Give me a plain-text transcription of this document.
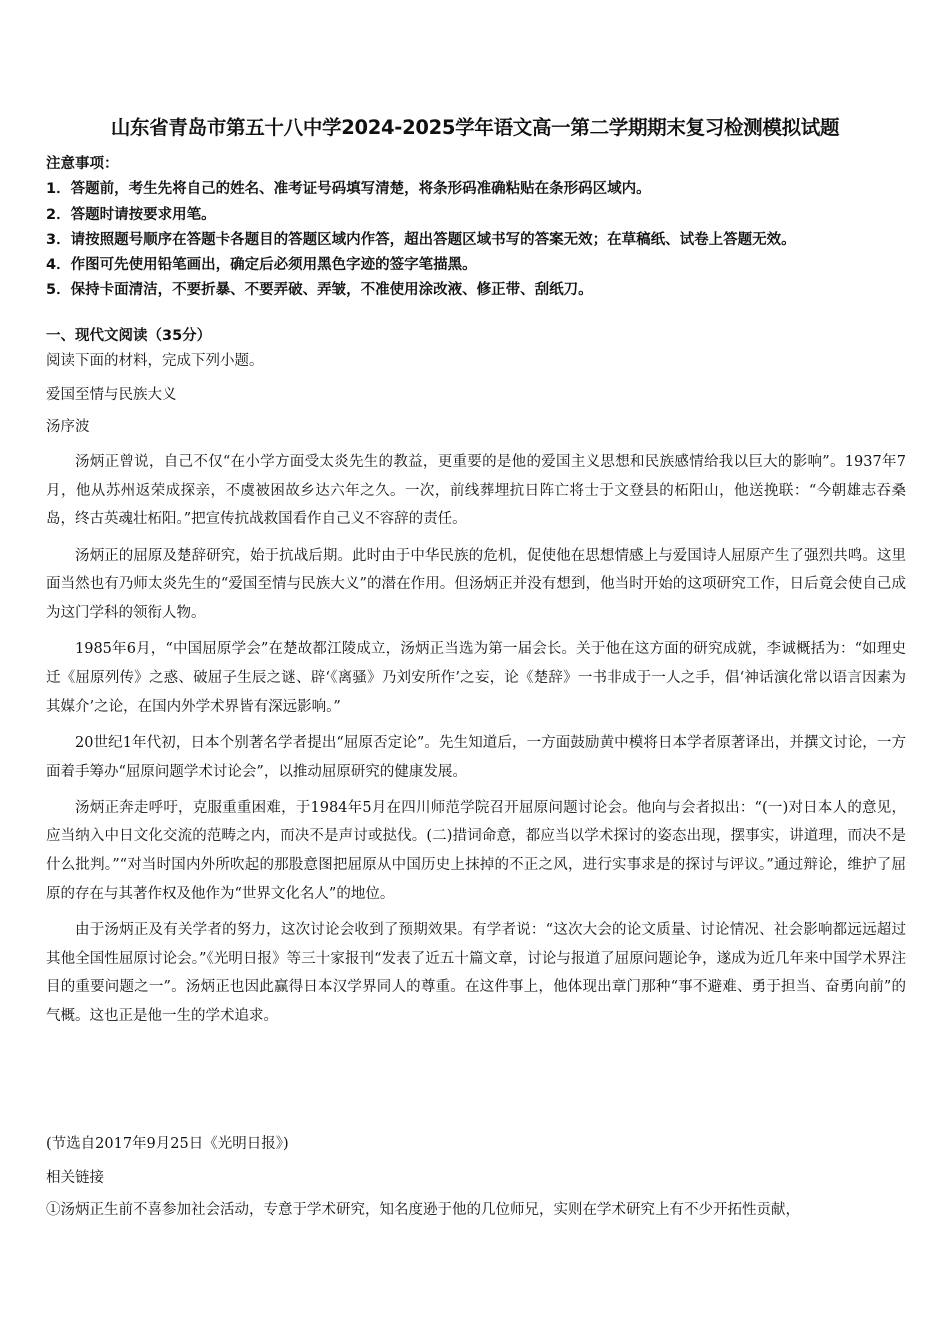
山东省青岛市第五十八中学2024-2025学年语文高一第二学期期末复习检测模拟试题
注意事项：
1．答题前，考生先将自己的姓名、准考证号码填写清楚，将条形码准确粘贴在条形码区域内。
2．答题时请按要求用笔。
3．请按照题号顺序在答题卡各题目的答题区域内作答，超出答题区域书写的答案无效；在草稿纸、试卷上答题无效。
4．作图可先使用铅笔画出，确定后必须用黑色字迹的签字笔描黑。
5．保持卡面清洁，不要折暴、不要弄破、弄皱，不准使用涂改液、修正带、刮纸刀。
一、现代文阅读（35分）
阅读下面的材料，完成下列小题。
爱国至情与民族大义
汤序波

汤炳正曾说，自己不仅“在小学方面受太炎先生的教益，更重要的是他的爱国主义思想和民族感情给我以巨大的影响”。1937年7月，他从苏州返荣成探亲，不虞被困故乡达六年之久。一次，前线葬埋抗日阵亡将士于文登县的柘阳山，他送挽联：“今朝雄志吞桑岛，终古英魂壮柘阳。”把宣传抗战救国看作自己义不容辞的责任。

汤炳正的屈原及楚辞研究，始于抗战后期。此时由于中华民族的危机，促使他在思想情感上与爱国诗人屈原产生了强烈共鸣。这里面当然也有乃师太炎先生的“爱国至情与民族大义”的潜在作用。但汤炳正并没有想到，他当时开始的这项研究工作，日后竟会使自己成为这门学科的领衔人物。

1985年6月，“中国屈原学会”在楚故都江陵成立，汤炳正当选为第一届会长。关于他在这方面的研究成就，李诚概括为：“如理史迁《屈原列传》之惑、破屈子生辰之谜、辟‘《离骚》乃刘安所作’之妄，论《楚辞》一书非成于一人之手，倡‘神话演化常以语言因素为其媒介’之论，在国内外学术界皆有深远影响。”

20世纪1年代初，日本个别著名学者提出“屈原否定论”。先生知道后，一方面鼓励黄中模将日本学者原著译出，并撰文讨论，一方面着手筹办“屈原问题学术讨论会”，以推动屈原研究的健康发展。

汤炳正奔走呼吁，克服重重困难，于1984年5月在四川师范学院召开屈原问题讨论会。他向与会者拟出：“(一)对日本人的意见，应当纳入中日文化交流的范畴之内，而决不是声讨或挞伐。(二)措词命意，都应当以学术探讨的姿态出现，摆事实，讲道理，而决不是什么批判。”“对当时国内外所吹起的那股意图把屈原从中国历史上抹掉的不正之风，进行实事求是的探讨与评议。”通过辩论，维护了屈原的存在与其著作权及他作为“世界文化名人”的地位。

由于汤炳正及有关学者的努力，这次讨论会收到了预期效果。有学者说：“这次大会的论文质量、讨论情况、社会影响都远远超过其他全国性屈原讨论会。”《光明日报》等三十家报刊“发表了近五十篇文章，讨论与报道了屈原问题论争，遂成为近几年来中国学术界注目的重要问题之一”。汤炳正也因此赢得日本汉学界同人的尊重。在这件事上，他体现出章门那种“事不避难、勇于担当、奋勇向前”的气概。这也正是他一生的学术追求。

(节选自2017年9月25日《光明日报》)
相关链接
①汤炳正生前不喜参加社会活动，专意于学术研究，知名度逊于他的几位师兄，实则在学术研究上有不少开拓性贡献，
